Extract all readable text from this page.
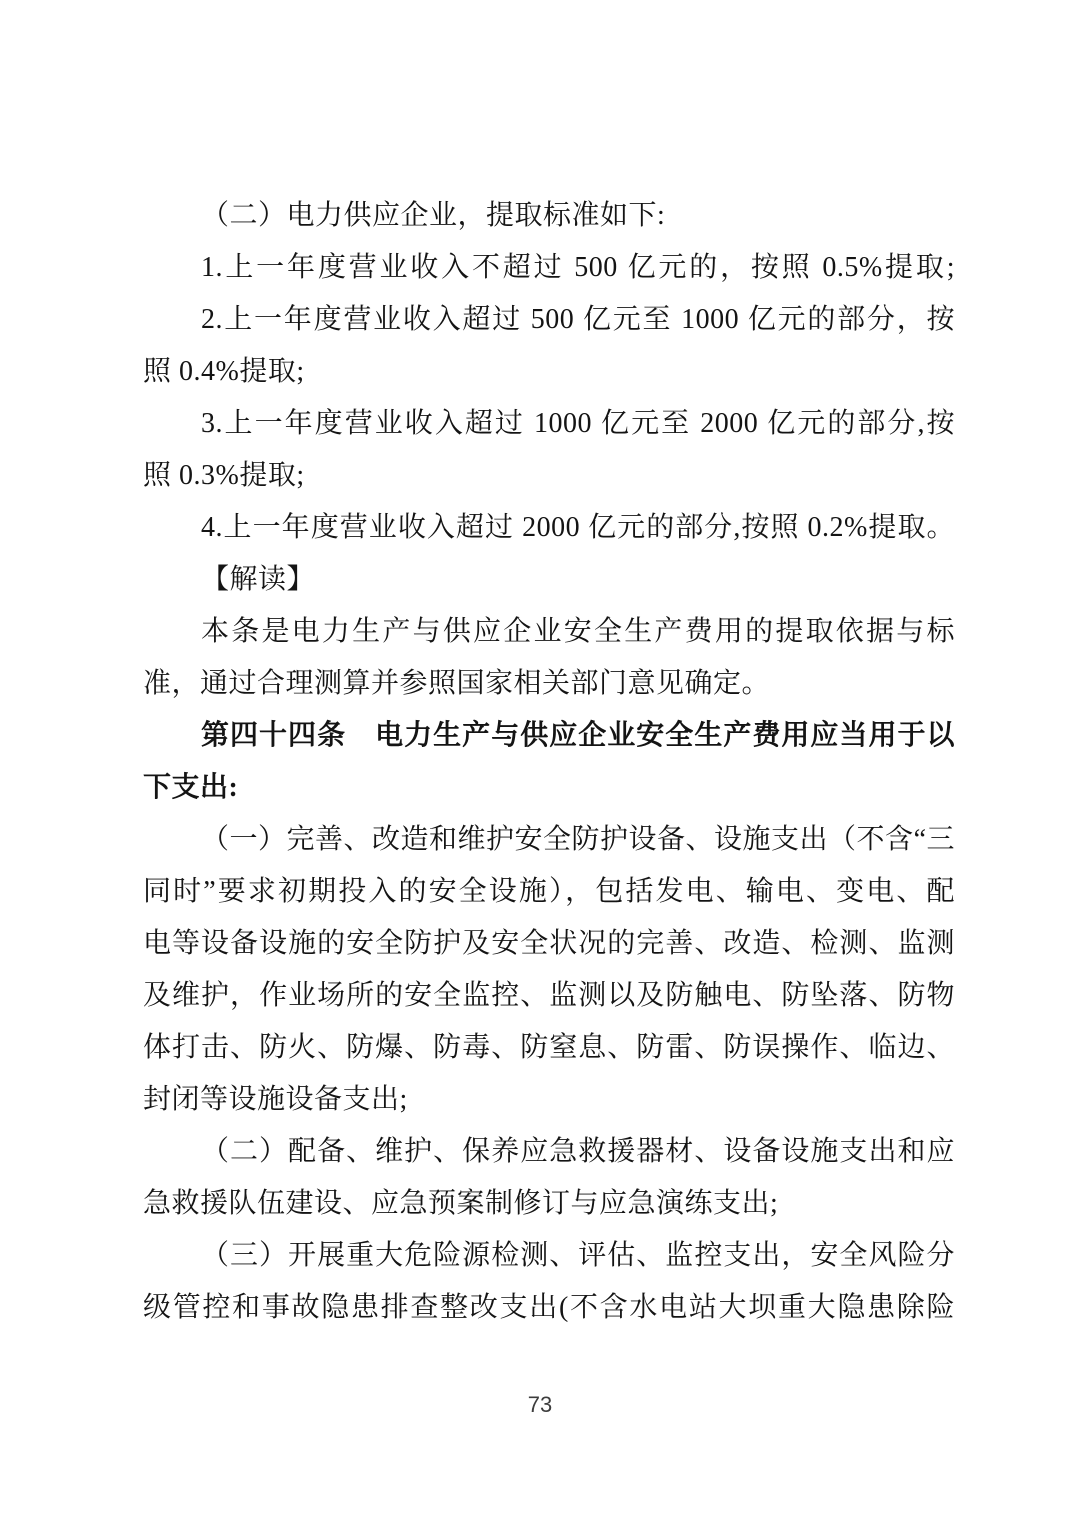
（二）电力供应企业，提取标准如下:

1.上一年度营业收入不超过 500 亿元的，按照 0.5%提取;

2.上一年度营业收入超过 500 亿元至 1000 亿元的部分，按

照 0.4%提取;

3.上一年度营业收入超过 1000 亿元至 2000 亿元的部分,按

照 0.3%提取;

4.上一年度营业收入超过 2000 亿元的部分,按照 0.2%提取。

【解读】

本条是电力生产与供应企业安全生产费用的提取依据与标

准，通过合理测算并参照国家相关部门意见确定。

第四十四条　电力生产与供应企业安全生产费用应当用于以

下支出:

（一）完善、改造和维护安全防护设备、设施支出（不含“三

同时”要求初期投入的安全设施），包括发电、输电、变电、配

电等设备设施的安全防护及安全状况的完善、改造、检测、监测

及维护，作业场所的安全监控、监测以及防触电、防坠落、防物

体打击、防火、防爆、防毒、防窒息、防雷、防误操作、临边、

封闭等设施设备支出;

（二）配备、维护、保养应急救援器材、设备设施支出和应

急救援队伍建设、应急预案制修订与应急演练支出;

（三）开展重大危险源检测、评估、监控支出，安全风险分

级管控和事故隐患排查整改支出(不含水电站大坝重大隐患除险

73
